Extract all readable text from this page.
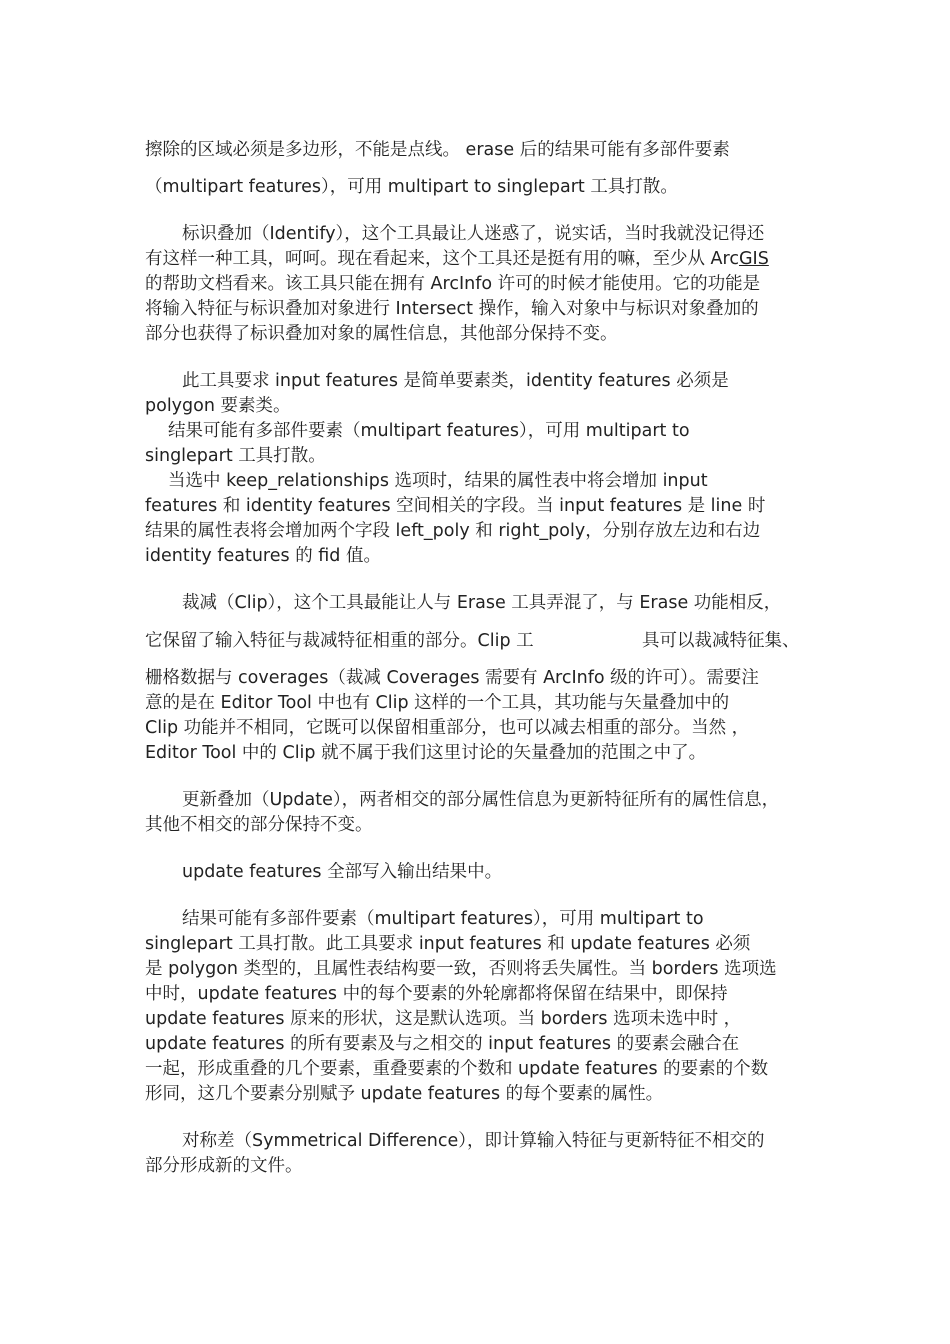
擦除的区域必须是多边形，不能是点线。 erase 后的结果可能有多部件要素
（multipart features），可用 multipart to singlepart 工具打散。
标识叠加（Identify），这个工具最让人迷惑了，说实话，当时我就没记得还
有这样一种工具，呵呵。现在看起来，这个工具还是挺有用的嘛，至少从 ArcGIS
的帮助文档看来。该工具只能在拥有 ArcInfo 许可的时候才能使用。它的功能是
将输入特征与标识叠加对象进行 Intersect 操作，输入对象中与标识对象叠加的
部分也获得了标识叠加对象的属性信息，其他部分保持不变。
此工具要求 input features 是简单要素类，identity features 必须是
polygon 要素类。
结果可能有多部件要素（multipart features），可用 multipart to
singlepart 工具打散。
当选中 keep_relationships 选项时，结果的属性表中将会增加 input
features 和 identity features 空间相关的字段。当 input features 是 line 时
结果的属性表将会增加两个字段 left_poly 和 right_poly，分别存放左边和右边
identity features 的 fid 值。
裁减（Clip），这个工具最能让人与 Erase 工具弄混了，与 Erase 功能相反，
它保留了输入特征与裁减特征相重的部分。Clip 工	具可以裁减特征集、
栅格数据与 coverages（裁减 Coverages 需要有 ArcInfo 级的许可）。需要注
意的是在 Editor Tool 中也有 Clip 这样的一个工具，其功能与矢量叠加中的
Clip 功能并不相同，它既可以保留相重部分，也可以减去相重的部分。当然 ，
Editor Tool 中的 Clip 就不属于我们这里讨论的矢量叠加的范围之中了。
更新叠加（Update），两者相交的部分属性信息为更新特征所有的属性信息，
其他不相交的部分保持不变。
update features 全部写入输出结果中。
结果可能有多部件要素（multipart features），可用 multipart to
singlepart 工具打散。此工具要求 input features 和 update features 必须
是 polygon 类型的，且属性表结构要一致，否则将丢失属性。当 borders 选项选
中时，update features 中的每个要素的外轮廓都将保留在结果中，即保持
update features 原来的形状，这是默认选项。当 borders 选项未选中时 ，
update features 的所有要素及与之相交的 input features 的要素会融合在
一起，形成重叠的几个要素，重叠要素的个数和 update features 的要素的个数
形同，这几个要素分别赋予 update features 的每个要素的属性。
对称差（Symmetrical Difference），即计算输入特征与更新特征不相交的
部分形成新的文件。
